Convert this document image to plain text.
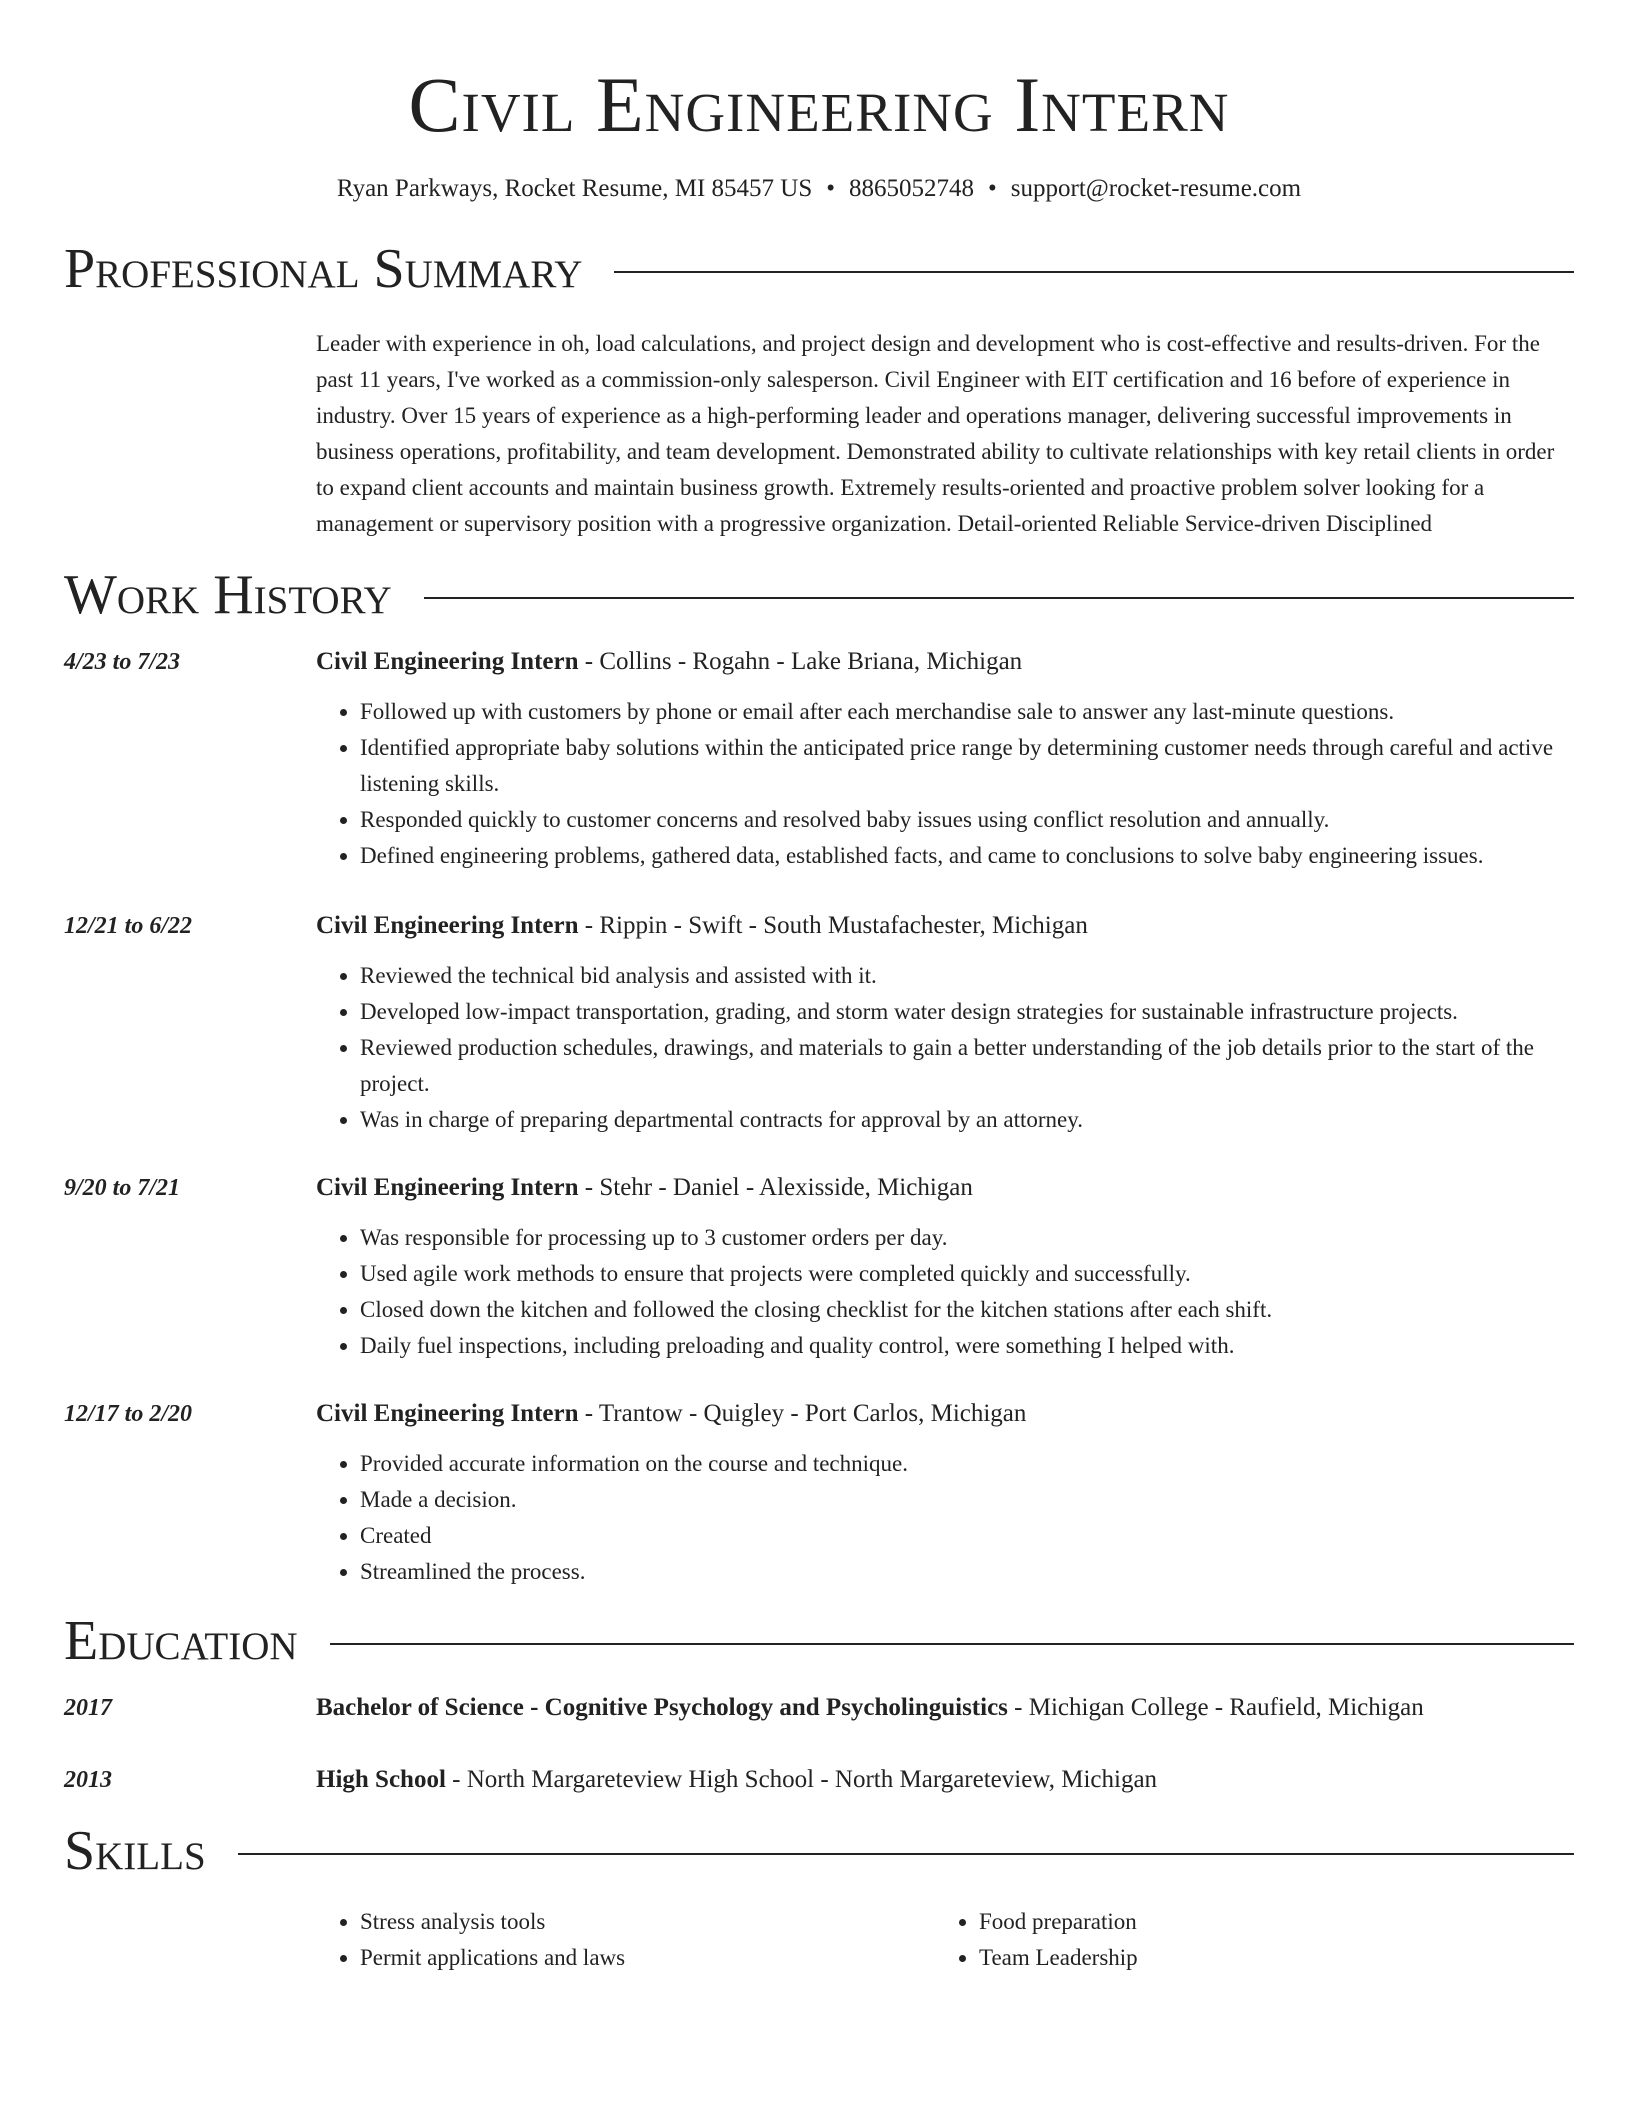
Civil Engineering Intern
Ryan Parkways, Rocket Resume, MI 85457 US • 8865052748 • support@rocket-resume.com
Professional Summary
Leader with experience in oh, load calculations, and project design and development who is cost-effective and results-driven. For the past 11 years, I've worked as a commission-only salesperson. Civil Engineer with EIT certification and 16 before of experience in industry. Over 15 years of experience as a high-performing leader and operations manager, delivering successful improvements in business operations, profitability, and team development. Demonstrated ability to cultivate relationships with key retail clients in order to expand client accounts and maintain business growth. Extremely results-oriented and proactive problem solver looking for a management or supervisory position with a progressive organization. Detail-oriented Reliable Service-driven Disciplined
Work History
4/23 to 7/23	Civil Engineering Intern - Collins - Rogahn - Lake Briana, Michigan
• Followed up with customers by phone or email after each merchandise sale to answer any last-minute questions.
• Identified appropriate baby solutions within the anticipated price range by determining customer needs through careful and active listening skills.
• Responded quickly to customer concerns and resolved baby issues using conflict resolution and annually.
• Defined engineering problems, gathered data, established facts, and came to conclusions to solve baby engineering issues.
12/21 to 6/22	Civil Engineering Intern - Rippin - Swift - South Mustafachester, Michigan
• Reviewed the technical bid analysis and assisted with it.
• Developed low-impact transportation, grading, and storm water design strategies for sustainable infrastructure projects.
• Reviewed production schedules, drawings, and materials to gain a better understanding of the job details prior to the start of the project.
• Was in charge of preparing departmental contracts for approval by an attorney.
9/20 to 7/21	Civil Engineering Intern - Stehr - Daniel - Alexisside, Michigan
• Was responsible for processing up to 3 customer orders per day.
• Used agile work methods to ensure that projects were completed quickly and successfully.
• Closed down the kitchen and followed the closing checklist for the kitchen stations after each shift.
• Daily fuel inspections, including preloading and quality control, were something I helped with.
12/17 to 2/20	Civil Engineering Intern - Trantow - Quigley - Port Carlos, Michigan
• Provided accurate information on the course and technique.
• Made a decision.
• Created
• Streamlined the process.
Education
2017	Bachelor of Science - Cognitive Psychology and Psycholinguistics - Michigan College - Raufield, Michigan
2013	High School - North Margareteview High School - North Margareteview, Michigan
Skills
• Stress analysis tools
• Permit applications and laws
• Food preparation
• Team Leadership
